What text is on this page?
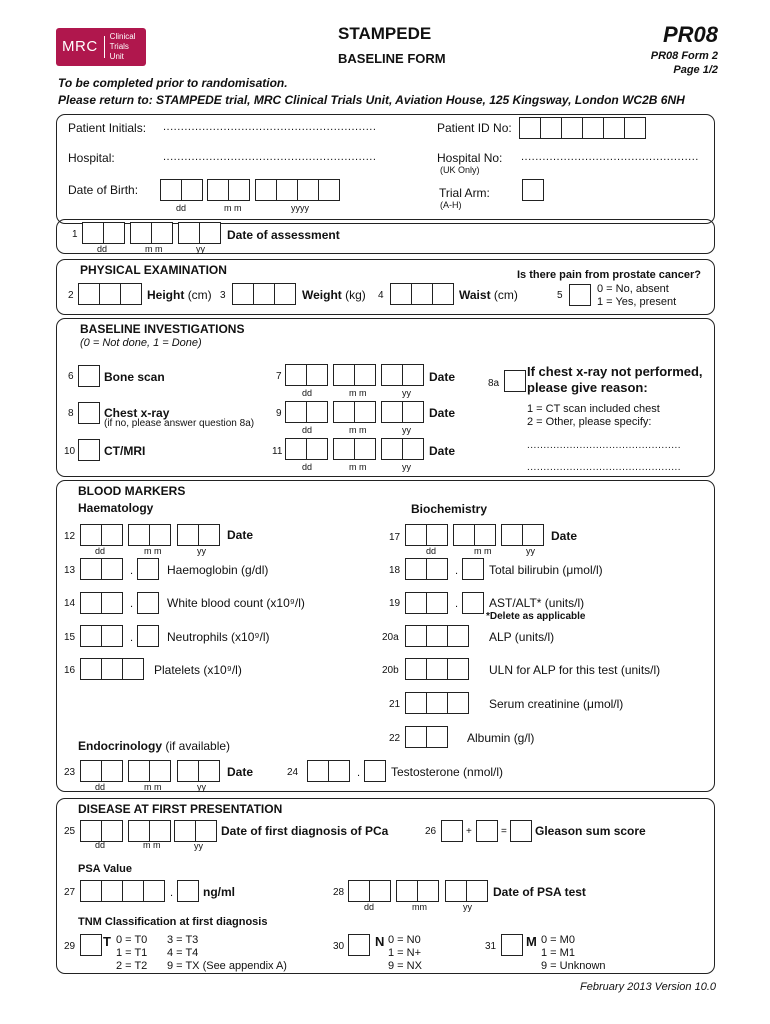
MRC
Clinical
Trials
Unit
STAMPEDE
BASELINE FORM
PR08
PR08 Form 2
Page 1/2
To be completed prior to randomisation.
Please return to: STAMPEDE trial, MRC Clinical Trials Unit, Aviation House, 125 Kingsway, London WC2B 6NH
Patient Initials: ............................................................
Hospital:	............................................................
Date of Birth:
dd	m m	yyyy
Patient ID No:
Hospital No: ..................................................
(UK Only)
Trial Arm:
(A-H)
1	Date of assessment
dd	m m	yy
PHYSICAL EXAMINATION
2	Height (cm) 3	Weight (kg) 4	Waist (cm)
Is there pain from prostate cancer?
5
0 = No, absent
1 = Yes, present
BASELINE INVESTIGATIONS
(0 = Not done, 1 = Done)
6	Bone scan	7	Date
dd	m m	yy
8	Chest x-ray
(if no, please answer question 8a)
9	Date
dd	m m	yy
10 CT/MRI	11	Date
dd	m m	yy
8a
If chest x-ray not performed,
please give reason:
1 = CT scan included chest
2 = Other, please specify:
...............................................
...............................................
BLOOD MARKERS
Haematology	Biochemistry
12	Date
dd	m m	yy
13	.	Haemoglobin (g/dl)
14	.	White blood count (x10⁹/l)
15	.	Neutrophils (x10⁹/l)
16	Platelets (x10⁹/l)
17	Date
dd	m m	yy
18	.	Total bilirubin (μmol/l)
19	.	AST/ALT* (units/l)
*Delete as applicable
20a	ALP (units/l)
20b	ULN for ALP for this test (units/l)
21	Serum creatinine (μmol/l)
22	Albumin (g/l)
Endocrinology (if available)
23	Date
dd	m m	yy
24	.	Testosterone (nmol/l)
DISEASE AT FIRST PRESENTATION
25	Date of first diagnosis of PCa
dd	m m	yy
26	+	= Gleason sum score
PSA Value
27	. ng/ml	28	Date of PSA test
dd	mm	yy
TNM Classification at first diagnosis
29 T 0 = T0
1 = T1
2 = T2
3 = T3
4 = T4
9 = TX (See appendix A)
30 N 0 = N0
1 = N+
9 = NX
31 M 0 = M0
1 = M1
9 = Unknown
February 2013 Version 10.0
